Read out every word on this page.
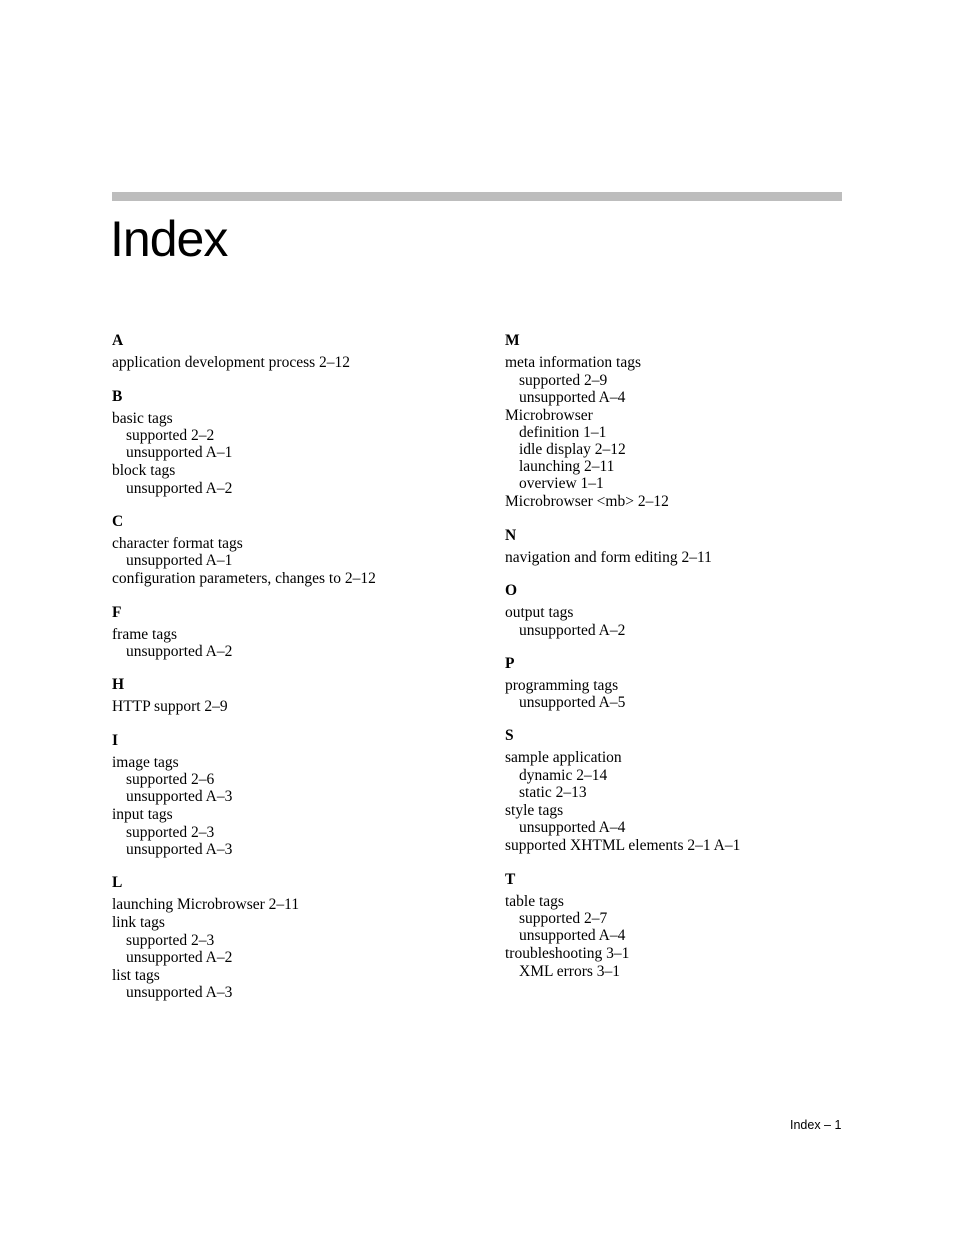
Index
A
application development process 2–12
B
basic tags
supported 2–2
unsupported A–1
block tags
unsupported A–2
C
character format tags
unsupported A–1
configuration parameters, changes to 2–12
F
frame tags
unsupported A–2
H
HTTP support 2–9
I
image tags
supported 2–6
unsupported A–3
input tags
supported 2–3
unsupported A–3
L
launching Microbrowser 2–11
link tags
supported 2–3
unsupported A–2
list tags
unsupported A–3
M
meta information tags
supported 2–9
unsupported A–4
Microbrowser
definition 1–1
idle display 2–12
launching 2–11
overview 1–1
Microbrowser <mb> 2–12
N
navigation and form editing 2–11
O
output tags
unsupported A–2
P
programming tags
unsupported A–5
S
sample application
dynamic 2–14
static 2–13
style tags
unsupported A–4
supported XHTML elements 2–1 A–1
T
table tags
supported 2–7
unsupported A–4
troubleshooting 3–1
XML errors 3–1
Index – 1
